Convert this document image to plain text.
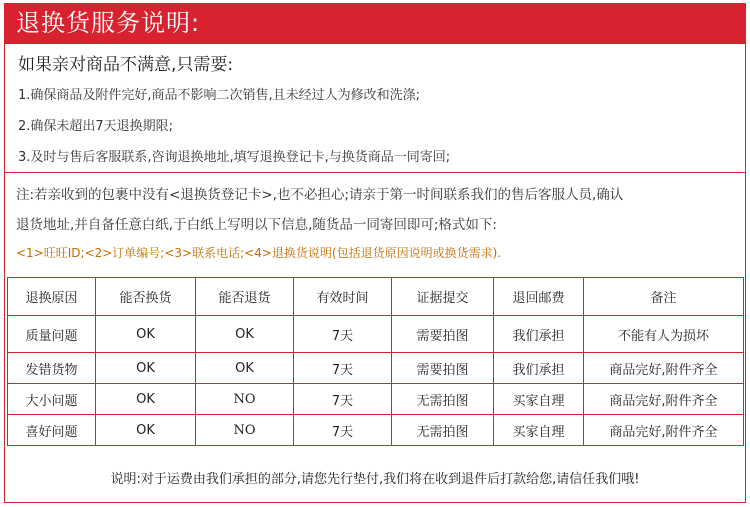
退换货服务说明:
如果亲对商品不满意,只需要:
1.确保商品及附件完好,商品不影响二次销售,且未经过人为修改和洗涤;
2.确保未超出7天退换期限;
3.及时与售后客服联系,咨询退换地址,填写退换登记卡,与换货商品一同寄回;
注:若亲收到的包裹中没有<退换货登记卡>,也不必担心;请亲于第一时间联系我们的售后客服人员,确认
退货地址,并自备任意白纸,于白纸上写明以下信息,随货品一同寄回即可;格式如下:
<1>旺旺ID;<2>订单编号;<3>联系电话;<4>退换货说明(包括退货原因说明或换货需求).
退换原因	能否换货	能否退货	有效时间	证据提交	退回邮费	备注
质量问题	OK	OK	7天	需要拍图	我们承担	不能有人为损坏
发错货物	OK	OK	7天	需要拍图	我们承担	商品完好,附件齐全
大小问题	OK	NO	7天	无需拍图	买家自理	商品完好,附件齐全
喜好问题	OK	NO	7天	无需拍图	买家自理	商品完好,附件齐全
说明:对于运费由我们承担的部分,请您先行垫付,我们将在收到退件后打款给您,请信任我们哦!
